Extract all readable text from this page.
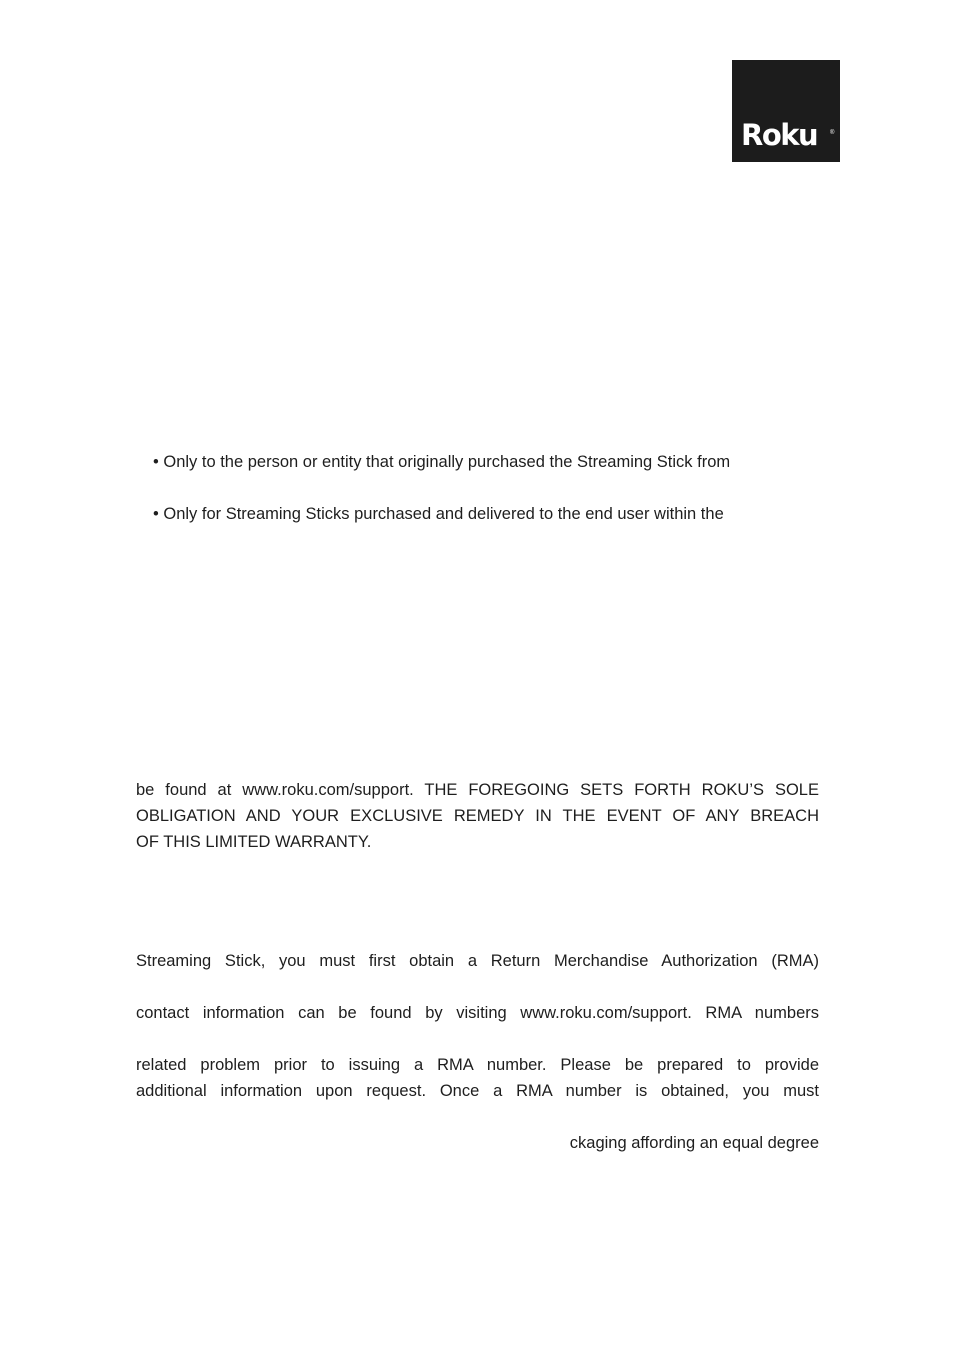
Roku ®
• Only to the person or entity that originally purchased the Streaming Stick from
• Only for Streaming Sticks purchased and delivered to the end user within the
be found at www.roku.com/support. THE FOREGOING SETS FORTH ROKU’S SOLE
OBLIGATION AND YOUR EXCLUSIVE REMEDY IN THE EVENT OF ANY BREACH
OF THIS LIMITED WARRANTY.
Streaming Stick, you must first obtain a Return Merchandise Authorization (RMA)
contact information can be found by visiting www.roku.com/support. RMA numbers
related problem prior to issuing a RMA number. Please be prepared to provide
additional information upon request. Once a RMA number is obtained, you must
ckaging affording an equal degree
